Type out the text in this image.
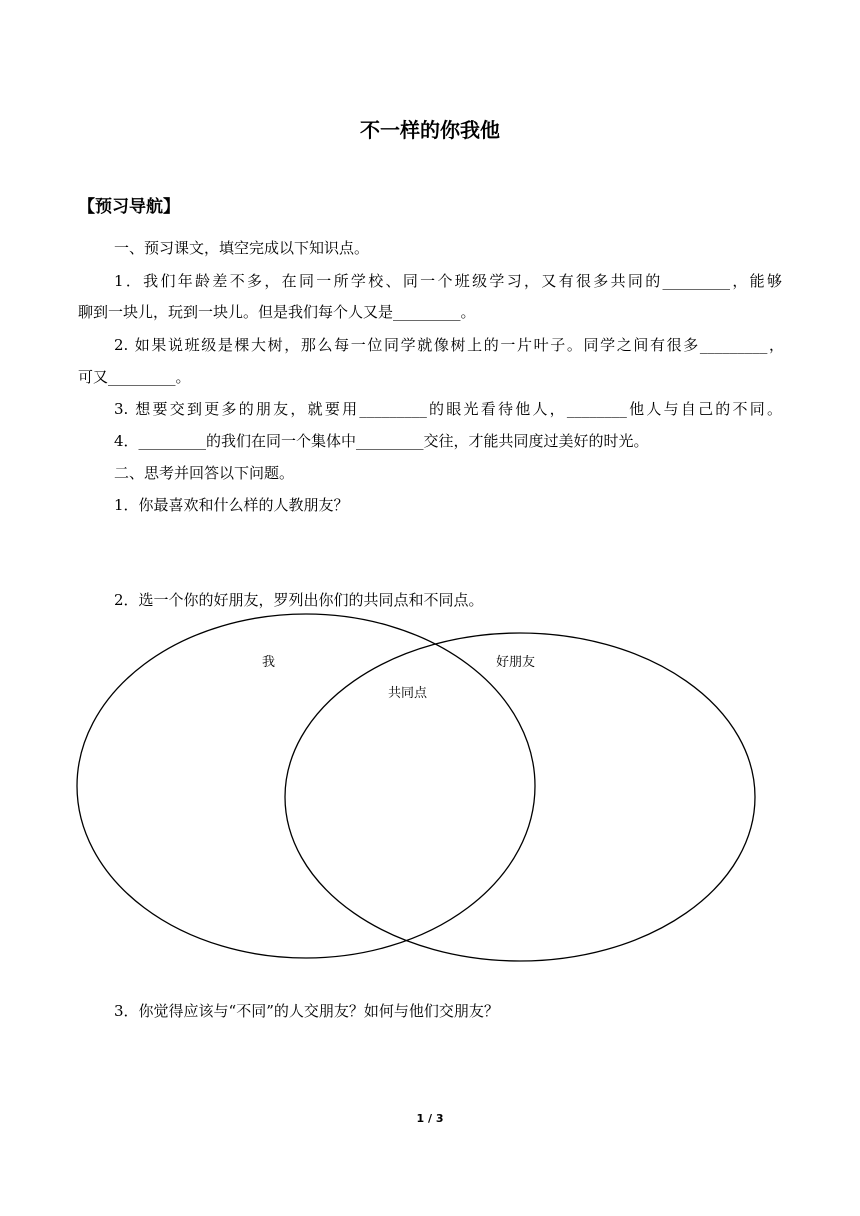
不一样的你我他
【预习导航】
一、预习课文，填空完成以下知识点。
1．我们年龄差不多，在同一所学校、同一个班级学习，又有很多共同的_________，能够
聊到一块儿，玩到一块儿。但是我们每个人又是_________。
2. 如果说班级是棵大树，那么每一位同学就像树上的一片叶子。同学之间有很多_________，
可又_________。
3. 想要交到更多的朋友，就要用_________的眼光看待他人，________他人与自己的不同。
4．_________的我们在同一个集体中_________交往，才能共同度过美好的时光。
二、思考并回答以下问题。
1．你最喜欢和什么样的人教朋友？
2．选一个你的好朋友，罗列出你们的共同点和不同点。
我	好朋友
共同点
3．你觉得应该与“不同”的人交朋友？如何与他们交朋友？
1 / 3
